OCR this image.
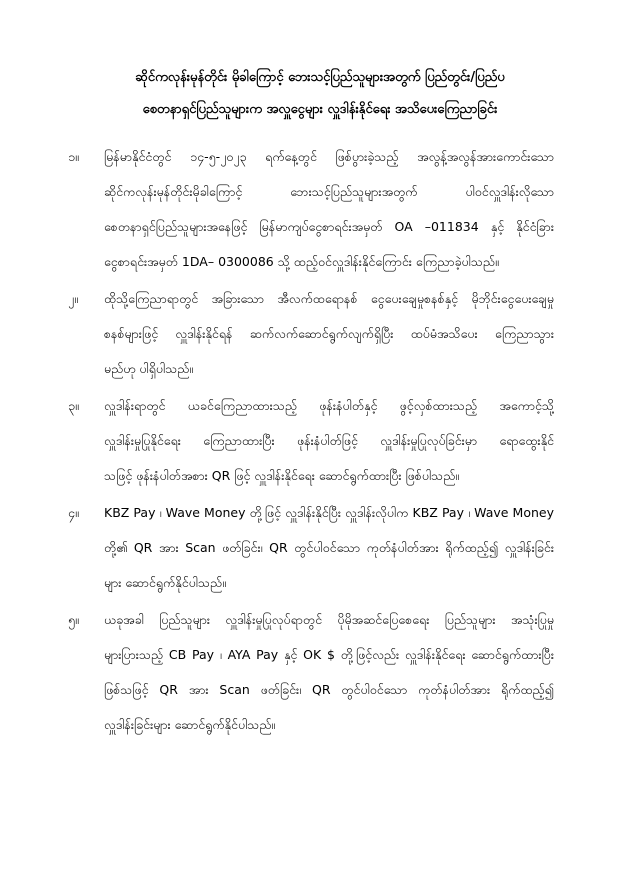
ဆိုင်ကလုန်းမုန်တိုင်း မိုခါကြောင့် ဘေးသင့်ပြည်သူများအတွက် ပြည်တွင်း/ပြည်ပ
စေတနာရှင်ပြည်သူများက အလှူငွေများ လှူဒါန်းနိုင်ရေး အသိပေးကြေညာခြင်း
၁။	မြန်မာနိုင်ငံတွင် ၁၄-၅-၂၀၂၃ ရက်နေ့တွင် ဖြစ်ပွားခဲ့သည့် အလွန့်အလွန်အားကောင်းသော
ဆိုင်ကလုန်းမုန်တိုင်းမိုခါကြောင့် ဘေးသင့်ပြည်သူများအတွက် ပါဝင်လှူဒါန်းလိုသော
စေတနာရှင်ပြည်သူများအနေဖြင့် မြန်မာကျပ်ငွေစာရင်းအမှတ် OA –011834 နှင့် နိုင်ငံခြား
ငွေစာရင်းအမှတ် 1DA– 0300086 သို့ ထည့်ဝင်လှူဒါန်းနိုင်ကြောင်း ကြေညာခဲ့ပါသည်။
၂။	ထိုသို့ကြေညာရာတွင် အခြားသော အီလက်ထရောနစ် ငွေပေးချေမှုစနစ်နှင့် မိုဘိုင်းငွေပေးချေမှု
စနစ်များဖြင့် လှူဒါန်းနိုင်ရန် ဆက်လက်ဆောင်ရွက်လျက်ရှိပြီး ထပ်မံအသိပေး ကြေညာသွား
မည်ဟု ပါရှိပါသည်။
၃။	လှူဒါန်းရာတွင် ယခင်ကြေညာထားသည့် ဖုန်းနံပါတ်နှင့် ဖွင့်လှစ်ထားသည့် အကောင့်သို့
လှူဒါန်းမှုပြုနိုင်ရေး ကြေညာထားပြီး ဖုန်းနံပါတ်ဖြင့် လှူဒါန်းမှုပြုလုပ်ခြင်းမှာ ရောထွေးနိုင်
သဖြင့် ဖုန်းနံပါတ်အစား QR ဖြင့် လှူဒါန်းနိုင်ရေး ဆောင်ရွက်ထားပြီး ဖြစ်ပါသည်။
၄။	KBZ Pay ၊ Wave Money တို့ဖြင့် လှူဒါန်းနိုင်ပြီး လှူဒါန်းလိုပါက KBZ Pay ၊ Wave Money
တို့၏ QR အား Scan ဖတ်ခြင်း၊ QR တွင်ပါဝင်သော ကုတ်နံပါတ်အား ရိုက်ထည့်၍ လှူဒါန်းခြင်း
များ ဆောင်ရွက်နိုင်ပါသည်။
၅။	ယခုအခါ ပြည်သူများ လှူဒါန်းမှုပြုလုပ်ရာတွင် ပိုမိုအဆင်ပြေစေရေး ပြည်သူများ အသုံးပြုမှု
များပြားသည့် CB Pay ၊ AYA Pay နှင့် OK $ တို့ဖြင့်လည်း လှူဒါန်းနိုင်ရေး ဆောင်ရွက်ထားပြီး
ဖြစ်သဖြင့် QR အား Scan ဖတ်ခြင်း၊ QR တွင်ပါဝင်သော ကုတ်နံပါတ်အား ရိုက်ထည့်၍
လှူဒါန်းခြင်းများ ဆောင်ရွက်နိုင်ပါသည်။
